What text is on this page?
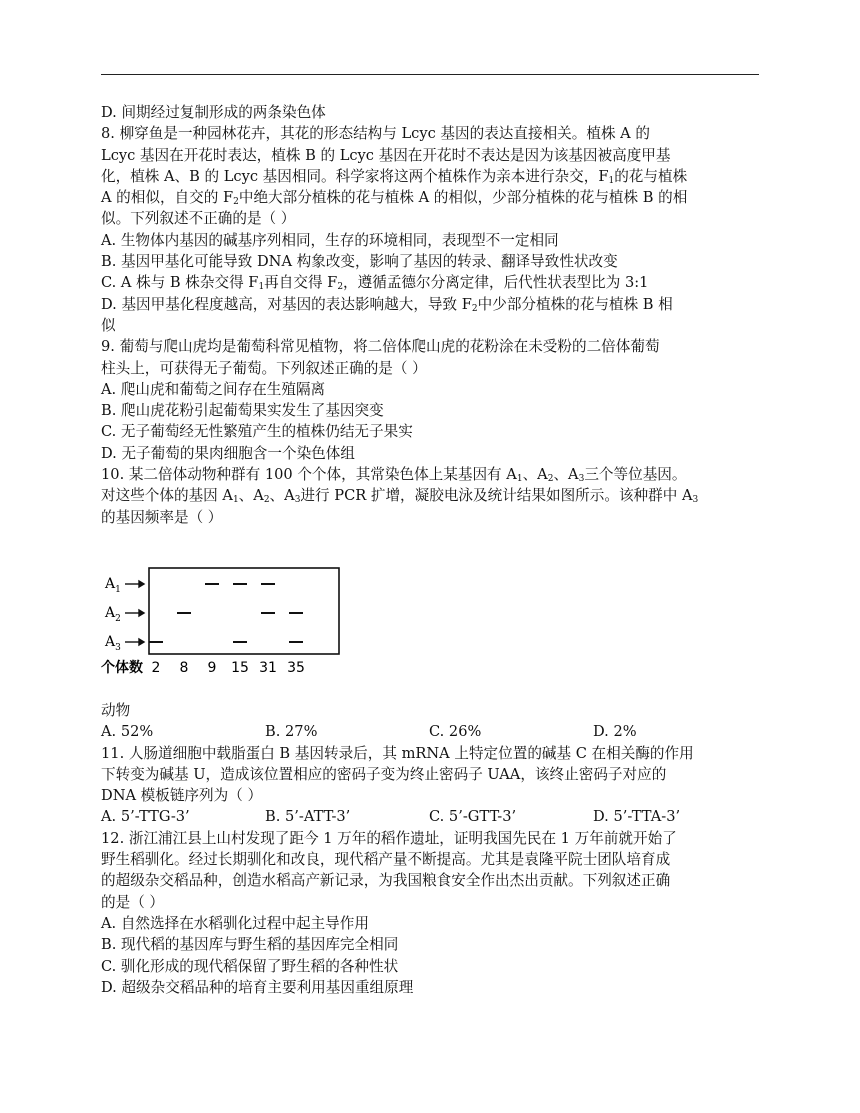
D. 间期经过复制形成的两条染色体
8. 柳穿鱼是一种园林花卉，其花的形态结构与 Lcyc 基因的表达直接相关。植株 A 的
Lcyc 基因在开花时表达，植株 B 的 Lcyc 基因在开花时不表达是因为该基因被高度甲基
化，植株 A、B 的 Lcyc 基因相同。科学家将这两个植株作为亲本进行杂交，$F_1$的花与植株
A 的相似，自交的 $F_2$中绝大部分植株的花与植株 A 的相似，少部分植株的花与植株 B 的相
似。下列叙述不正确的是（ ）
A. 生物体内基因的碱基序列相同，生存的环境相同，表现型不一定相同
B. 基因甲基化可能导致 DNA 构象改变，影响了基因的转录、翻译导致性状改变
C. A 株与 B 株杂交得 $F_1$再自交得 $F_2$，遵循孟德尔分离定律，后代性状表型比为 3:1
D. 基因甲基化程度越高，对基因的表达影响越大，导致 $F_2$中少部分植株的花与植株 B 相
似
9. 葡萄与爬山虎均是葡萄科常见植物，将二倍体爬山虎的花粉涂在未受粉的二倍体葡萄
柱头上，可获得无子葡萄。下列叙述正确的是（ ）
A. 爬山虎和葡萄之间存在生殖隔离
B. 爬山虎花粉引起葡萄果实发生了基因突变
C. 无子葡萄经无性繁殖产生的植株仍结无子果实
D. 无子葡萄的果肉细胞含一个染色体组
10. 某二倍体动物种群有 100 个个体，其常染色体上某基因有 $A_1$、$A_2$、$A_3$三个等位基因。
对这些个体的基因 $A_1$、$A_2$、$A_3$进行 PCR 扩增，凝胶电泳及统计结果如图所示。该种群中 $A_3$
的基因频率是（ ）
$A_1$
$A_2$
$A_3$
个体数 2 8 9 15 31 35
动物
A. 52%	B. 27%	C. 26%	D. 2%
11. 人肠道细胞中载脂蛋白 B 基因转录后，其 mRNA 上特定位置的碱基 C 在相关酶的作用
下转变为碱基 U，造成该位置相应的密码子变为终止密码子 UAA，该终止密码子对应的
DNA 模板链序列为（ ）
A. 5’-TTG-3’	B. 5’-ATT-3’	C. 5’-GTT-3’	D. 5’-TTA-3’
12. 浙江浦江县上山村发现了距今 1 万年的稻作遗址，证明我国先民在 1 万年前就开始了
野生稻驯化。经过长期驯化和改良，现代稻产量不断提高。尤其是袁隆平院士团队培育成
的超级杂交稻品种，创造水稻高产新记录，为我国粮食安全作出杰出贡献。下列叙述正确
的是（ ）
A. 自然选择在水稻驯化过程中起主导作用
B. 现代稻的基因库与野生稻的基因库完全相同
C. 驯化形成的现代稻保留了野生稻的各种性状
D. 超级杂交稻品种的培育主要利用基因重组原理
